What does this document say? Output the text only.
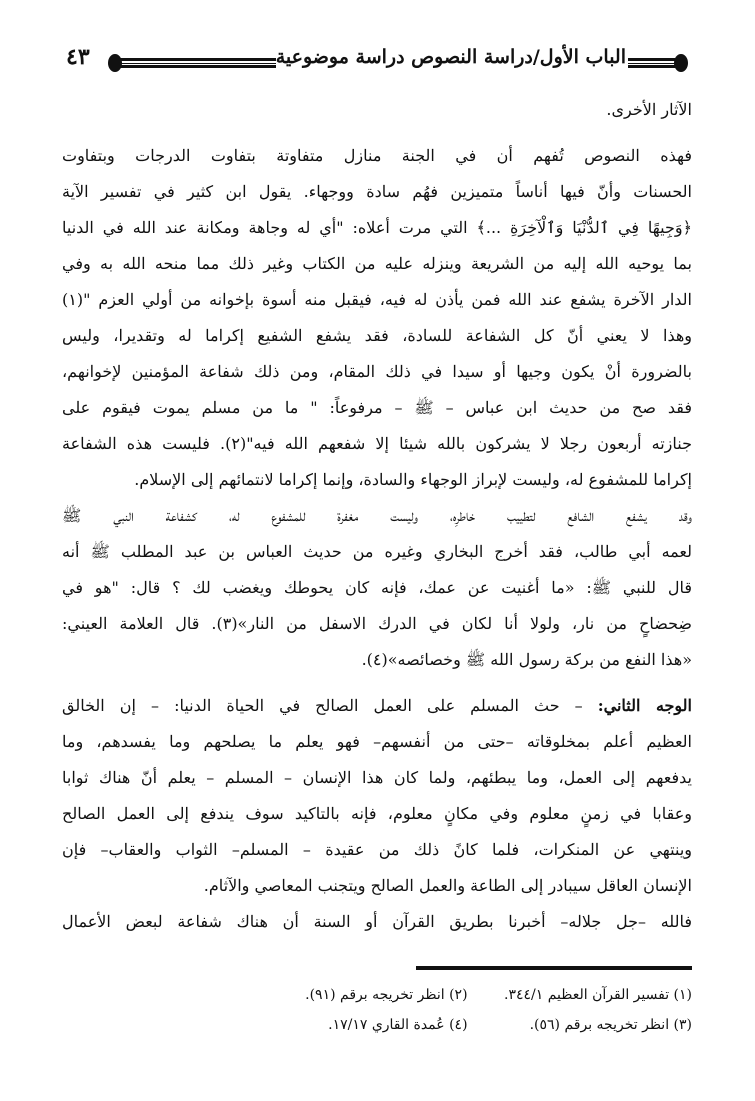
٤٣	الباب الأول/دراسة النصوص دراسة موضوعية
الآثار الأخرى.
فهذه النصوص تُفهم أن في الجنة منازل متفاوتة بتفاوت الدرجات وبتفاوت
الحسنات وأنّ فيها أناساً متميزين فهُم سادة ووجهاء. يقول ابن كثير في تفسير الآية
﴿وَجِيهًا فِي ٱلدُّنْيَا وَٱلْآخِرَةِ ...﴾ التي مرت أعلاه: "أي له وجاهة ومكانة عند الله في الدنيا
بما يوحيه الله إليه من الشريعة وينزله عليه من الكتاب وغير ذلك مما منحه الله به وفي
الدار الآخرة يشفع عند الله فمن يأذن له فيه، فيقبل منه أسوة بإخوانه من أولي العزم "(١)
وهذا لا يعني أنّ كل الشفاعة للسادة، فقد يشفع الشفيع إكراما له وتقديرا، وليس
بالضرورة أنْ يكون وجيها أو سيدا في ذلك المقام، ومن ذلك شفاعة المؤمنين لإخوانهم،
فقد صح من حديث ابن عباس – ﷺ – مرفوعاً: " ما من مسلم يموت فيقوم على
جنازته أربعون رجلا لا يشركون بالله شيئا إلا شفعهم الله فيه"(٢). فليست هذه الشفاعة
إكراما للمشفوع له، وليست لإبراز الوجهاء والسادة، وإنما إكراما لانتمائهم إلى الإسلام.
وقد يشفع الشافع لتطييب خاطرِه، وليست مغفرة للمشفوع له، كشفاعة النبي ﷺ
لعمه أبي طالب، فقد أخرج البخاري وغيره من حديث العباس بن عبد المطلب ﷺ أنه
قال للنبي ﷺ: «ما أغنيت عن عمك، فإنه كان يحوطك ويغضب لك ؟ قال: "هو في
ضِحضاحٍ من نار، ولولا أنا لكان في الدرك الاسفل من النار»(٣). قال العلامة العيني:
«هذا النفع من بركة رسول الله ﷺ وخصائصه»(٤).
الوجه الثاني: – حث المسلم على العمل الصالح في الحياة الدنيا: – إن الخالق
العظيم أعلم بمخلوقاته –حتى من أنفسهم– فهو يعلم ما يصلحهم وما يفسدهم، وما
يدفعهم إلى العمل، وما يبطئهم، ولما كان هذا الإنسان – المسلم – يعلم أنّ هناك ثوابا
وعقابا في زمنٍ معلوم وفي مكانٍ معلوم، فإنه بالتاكيد سوف يندفع إلى العمل الصالح
وينتهي عن المنكرات، فلما كانً ذلك من عقيدة – المسلم– الثواب والعقاب– فإن
الإنسان العاقل سيبادر إلى الطاعة والعمل الصالح ويتجنب المعاصي والآثام.
فالله –جل جلاله– أخبرنا بطريق القرآن أو السنة أن هناك شفاعة لبعض الأعمال
(١) تفسير القرآن العظيم ٣٤٤/١. (٢) انظر تخريجه برقم (٩١).
(٣) انظر تخريجه برقم (٥٦). (٤) عُمدة القاري ١٧/١٧.
